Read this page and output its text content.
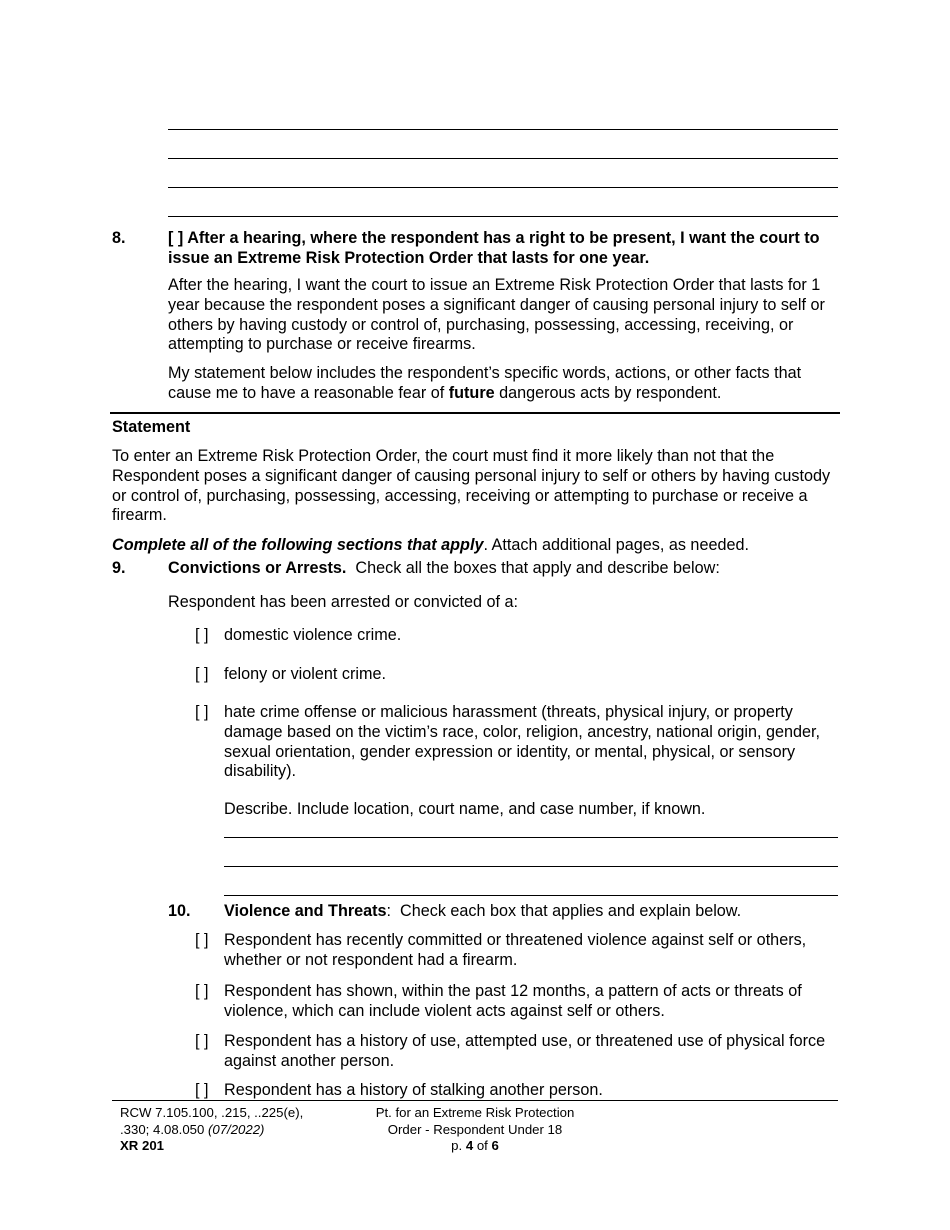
8.	[ ] After a hearing, where the respondent has a right to be present, I want the court to issue an Extreme Risk Protection Order that lasts for one year.
After the hearing, I want the court to issue an Extreme Risk Protection Order that lasts for 1 year because the respondent poses a significant danger of causing personal injury to self or others by having custody or control of, purchasing, possessing, accessing, receiving, or attempting to purchase or receive firearms.
My statement below includes the respondent’s specific words, actions, or other facts that cause me to have a reasonable fear of future dangerous acts by respondent.
Statement
To enter an Extreme Risk Protection Order, the court must find it more likely than not that the Respondent poses a significant danger of causing personal injury to self or others by having custody or control of, purchasing, possessing, accessing, receiving or attempting to purchase or receive a firearm.
Complete all of the following sections that apply. Attach additional pages, as needed.
9.	Convictions or Arrests. Check all the boxes that apply and describe below:
Respondent has been arrested or convicted of a:
[ ] domestic violence crime.
[ ] felony or violent crime.
[ ] hate crime offense or malicious harassment (threats, physical injury, or property damage based on the victim’s race, color, religion, ancestry, national origin, gender, sexual orientation, gender expression or identity, or mental, physical, or sensory disability).
Describe. Include location, court name, and case number, if known.
10. Violence and Threats:  Check each box that applies and explain below.
[ ] Respondent has recently committed or threatened violence against self or others, whether or not respondent had a firearm.
[ ] Respondent has shown, within the past 12 months, a pattern of acts or threats of violence, which can include violent acts against self or others.
[ ] Respondent has a history of use, attempted use, or threatened use of physical force against another person.
[ ] Respondent has a history of stalking another person.
RCW 7.105.100, .215, ..225(e),
.330; 4.08.050 (07/2022)
XR 201
Pt. for an Extreme Risk Protection
Order - Respondent Under 18
p. 4 of 6
